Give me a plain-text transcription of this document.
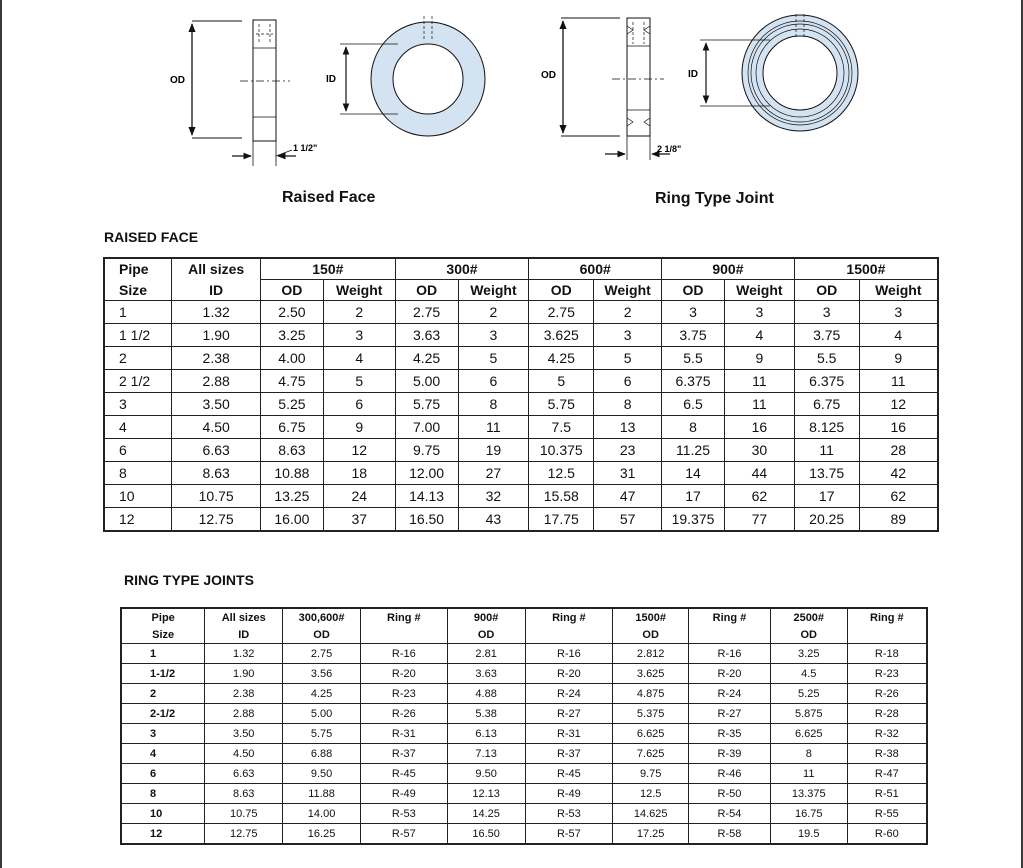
OD
1 1/2"
ID	OD
2 1/8"
ID
Raised Face	Ring Type Joint
RAISED FACE
Pipe	All sizes	150#		300#		600#		900#		1500#	
Size	ID	OD	Weight	OD	Weight	OD	Weight	OD	Weight	OD	Weight
1	1.32	2.50	2	2.75	2	2.75	2	3	3	3	3
1 1/2	1.90	3.25	3	3.63	3	3.625	3	3.75	4	3.75	4
2	2.38	4.00	4	4.25	5	4.25	5	5.5	9	5.5	9
2 1/2	2.88	4.75	5	5.00	6	5	6	6.375	11	6.375	11
3	3.50	5.25	6	5.75	8	5.75	8	6.5	11	6.75	12
4	4.50	6.75	9	7.00	11	7.5	13	8	16	8.125	16
6	6.63	8.63	12	9.75	19	10.375	23	11.25	30	11	28
8	8.63	10.88	18	12.00	27	12.5	31	14	44	13.75	42
10	10.75	13.25	24	14.13	32	15.58	47	17	62	17	62
12	12.75	16.00	37	16.50	43	17.75	57	19.375	77	20.25	89
RING TYPE JOINTS
Pipe	All sizes	300,600#	Ring #	900#	Ring #	1500#	Ring #	2500#	Ring #
Size	ID	OD		OD		OD		OD	
1	1.32	2.75	R-16	2.81	R-16	2.812	R-16	3.25	R-18
1-1/2	1.90	3.56	R-20	3.63	R-20	3.625	R-20	4.5	R-23
2	2.38	4.25	R-23	4.88	R-24	4.875	R-24	5.25	R-26
2-1/2	2.88	5.00	R-26	5.38	R-27	5.375	R-27	5.875	R-28
3	3.50	5.75	R-31	6.13	R-31	6.625	R-35	6.625	R-32
4	4.50	6.88	R-37	7.13	R-37	7.625	R-39	8	R-38
6	6.63	9.50	R-45	9.50	R-45	9.75	R-46	11	R-47
8	8.63	11.88	R-49	12.13	R-49	12.5	R-50	13.375	R-51
10	10.75	14.00	R-53	14.25	R-53	14.625	R-54	16.75	R-55
12	12.75	16.25	R-57	16.50	R-57	17.25	R-58	19.5	R-60
